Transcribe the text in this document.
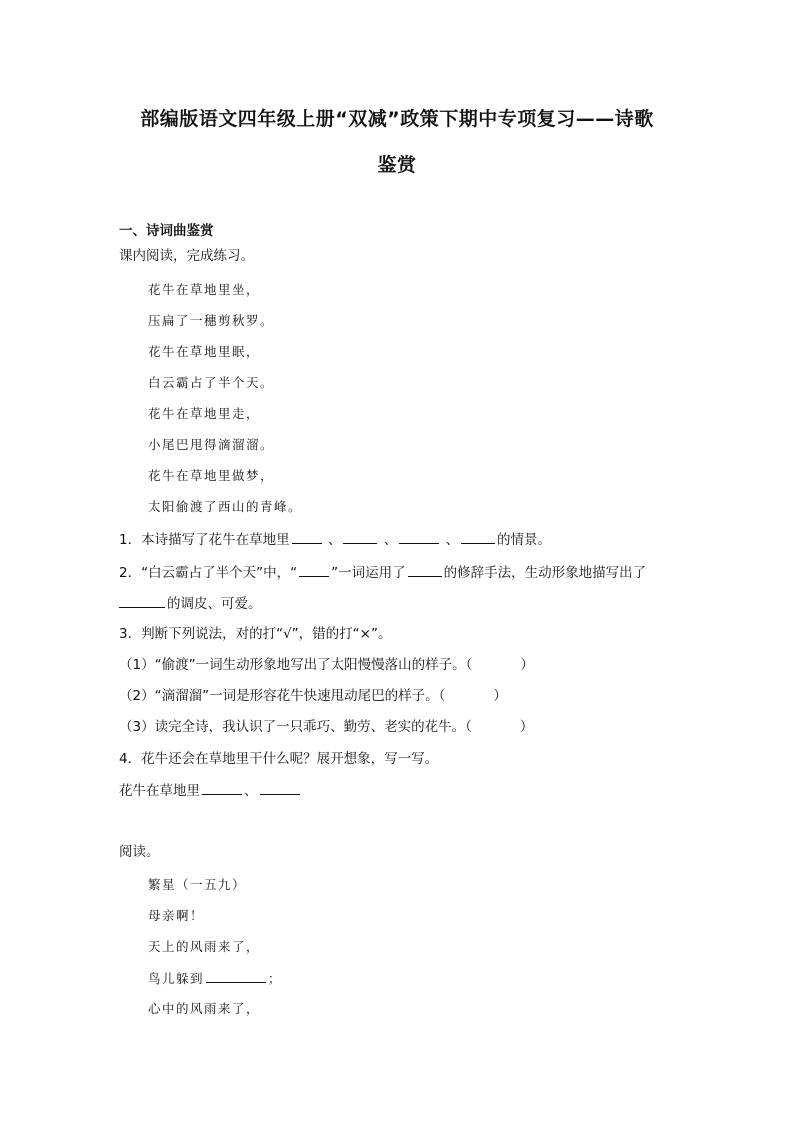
部编版语文四年级上册“双减”政策下期中专项复习——诗歌
鉴赏
一、诗词曲鉴赏
课内阅读，完成练习。
花牛在草地里坐，
压扁了一穗剪秋罗。
花牛在草地里眠，
白云霸占了半个天。
花牛在草地里走，
小尾巴甩得滴溜溜。
花牛在草地里做梦，
太阳偷渡了西山的青峰。
1．本诗描写了花牛在草地里	、	、	、	的情景。
2．“白云霸占了半个天”中，“	”一词运用了	的修辞手法，生动形象地描写出了
的调皮、可爱。
3．判断下列说法，对的打“√”，错的打“×”。
（1）“偷渡”一词生动形象地写出了太阳慢慢落山的样子。（	）
（2）“滴溜溜”一词是形容花牛快速甩动尾巴的样子。（	）
（3）读完全诗，我认识了一只乖巧、勤劳、老实的花牛。（	）
4．花牛还会在草地里干什么呢？展开想象，写一写。
花牛在草地里	、
阅读。
繁星（一五九）
母亲啊！
天上的风雨来了，
鸟儿躲到	；
心中的风雨来了，
